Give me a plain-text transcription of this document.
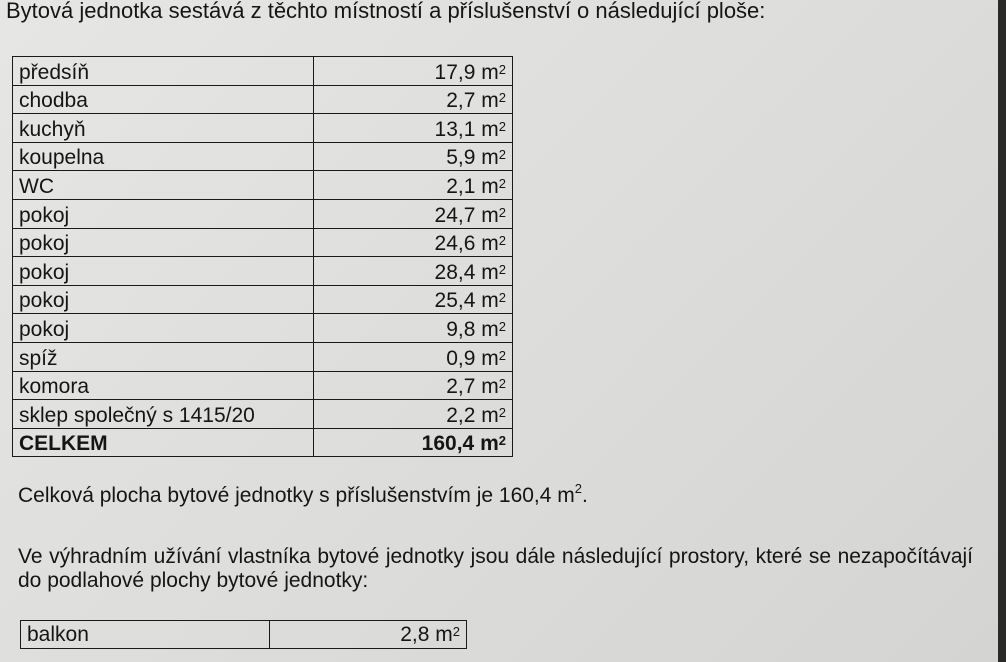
Bytová jednotka sestává z těchto místností a příslušenství o následující ploše:
předsíň	17,9 $m^2$
chodba	2,7 $m^2$
kuchyň	13,1 $m^2$
koupelna	5,9 $m^2$
WC	2,1 $m^2$
pokoj	24,7 $m^2$
pokoj	24,6 $m^2$
pokoj	28,4 $m^2$
pokoj	25,4 $m^2$
pokoj	9,8 $m^2$
spíž	0,9 $m^2$
komora	2,7 $m^2$
sklep společný s 1415/20	2,2 $m^2$
CELKEM	160,4 $m^2$
Celková plocha bytové jednotky s příslušenstvím je 160,4 $m^2$.
Ve výhradním užívání vlastníka bytové jednotky jsou dále následující prostory, které se nezapočítávají do podlahové plochy bytové jednotky:
balkon	2,8 $m^2$
